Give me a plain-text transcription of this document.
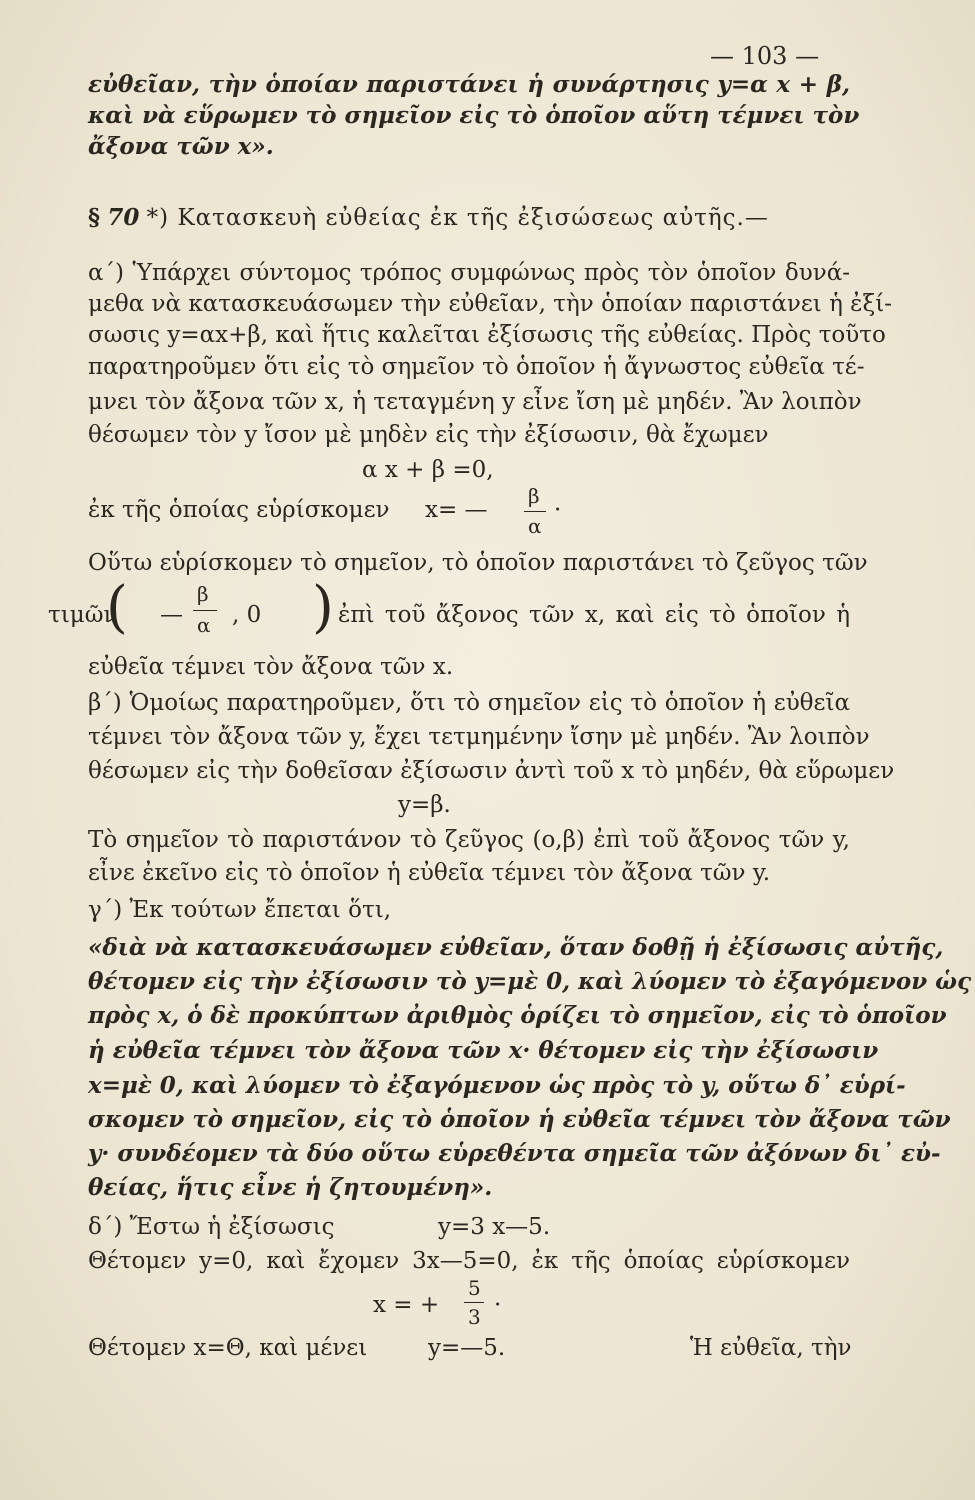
— 103 —
εὐθεῖαν, τὴν ὁποίαν παριστάνει ἡ συνάρτησις y=α x + β,
καὶ νὰ εὕρωμεν τὸ σημεῖον εἰς τὸ ὁποῖον αὕτη τέμνει τὸν
ἄξονα τῶν x».
§ 70 *) Κατασκευὴ εὐθείας ἐκ τῆς ἐξισώσεως αὐτῆς.—
α΄) Ὑπάρχει σύντομος τρόπος συμφώνως πρὸς τὸν ὁποῖον δυνά-
μεθα νὰ κατασκευάσωμεν τὴν εὐθεῖαν, τὴν ὁποίαν παριστάνει ἡ ἐξί-
σωσις y=αx+β, καὶ ἥτις καλεῖται ἐξίσωσις τῆς εὐθείας. Πρὸς τοῦτο
παρατηροῦμεν ὅτι εἰς τὸ σημεῖον τὸ ὁποῖον ἡ ἄγνωστος εὐθεῖα τέ-
μνει τὸν ἄξονα τῶν x, ἡ τεταγμένη y εἶνε ἴση μὲ μηδέν. Ἂν λοιπὸν
θέσωμεν τὸν y ἴσον μὲ μηδὲν εἰς τὴν ἐξίσωσιν, θὰ ἔχωμεν
α x + β =0,
ἐκ τῆς ὁποίας εὑρίσκομεν x= —
β
α
·
Οὕτω εὑρίσκομεν τὸ σημεῖον, τὸ ὁποῖον παριστάνει τὸ ζεῦγος τῶν
τιμῶν
( —
β
α , 0 ) ἐπὶ τοῦ ἄξονος τῶν x, καὶ εἰς τὸ ὁποῖον ἡ
εὐθεῖα τέμνει τὸν ἄξονα τῶν x.
β΄) Ὁμοίως παρατηροῦμεν, ὅτι τὸ σημεῖον εἰς τὸ ὁποῖον ἡ εὐθεῖα
τέμνει τὸν ἄξονα τῶν y, ἔχει τετμημένην ἴσην μὲ μηδέν. Ἂν λοιπὸν
θέσωμεν εἰς τὴν δοθεῖσαν ἐξίσωσιν ἀντὶ τοῦ x τὸ μηδέν, θὰ εὕρωμεν
y=β.
Τὸ σημεῖον τὸ παριστάνον τὸ ζεῦγος (ο,β) ἐπὶ τοῦ ἄξονος τῶν y,
εἶνε ἐκεῖνο εἰς τὸ ὁποῖον ἡ εὐθεῖα τέμνει τὸν ἄξονα τῶν y.
γ΄) Ἐκ τούτων ἔπεται ὅτι,
«διὰ νὰ κατασκευάσωμεν εὐθεῖαν, ὅταν δοθῇ ἡ ἐξίσωσις αὐτῆς,
θέτομεν εἰς τὴν ἐξίσωσιν τὸ y=μὲ 0, καὶ λύομεν τὸ ἐξαγόμενον ὡς
πρὸς x, ὁ δὲ προκύπτων ἀριθμὸς ὁρίζει τὸ σημεῖον, εἰς τὸ ὁποῖον
ἡ εὐθεῖα τέμνει τὸν ἄξονα τῶν x· θέτομεν εἰς τὴν ἐξίσωσιν
x=μὲ 0, καὶ λύομεν τὸ ἐξαγόμενον ὡς πρὸς τὸ y, οὕτω δ᾿ εὑρί-
σκομεν τὸ σημεῖον, εἰς τὸ ὁποῖον ἡ εὐθεῖα τέμνει τὸν ἄξονα τῶν
y· συνδέομεν τὰ δύο οὕτω εὑρεθέντα σημεῖα τῶν ἀξόνων δι᾿ εὐ-
θείας, ἥτις εἶνε ἡ ζητουμένη».
δ΄) Ἔστω ἡ ἐξίσωσις	y=3 x—5.
Θέτομεν y=0, καὶ ἔχομεν 3x—5=0, ἐκ τῆς ὁποίας εὑρίσκομεν
x = +
5
3 ·
Θέτομεν x=Θ, καὶ μένει	y=—5.	Ἡ εὐθεῖα, τὴν
